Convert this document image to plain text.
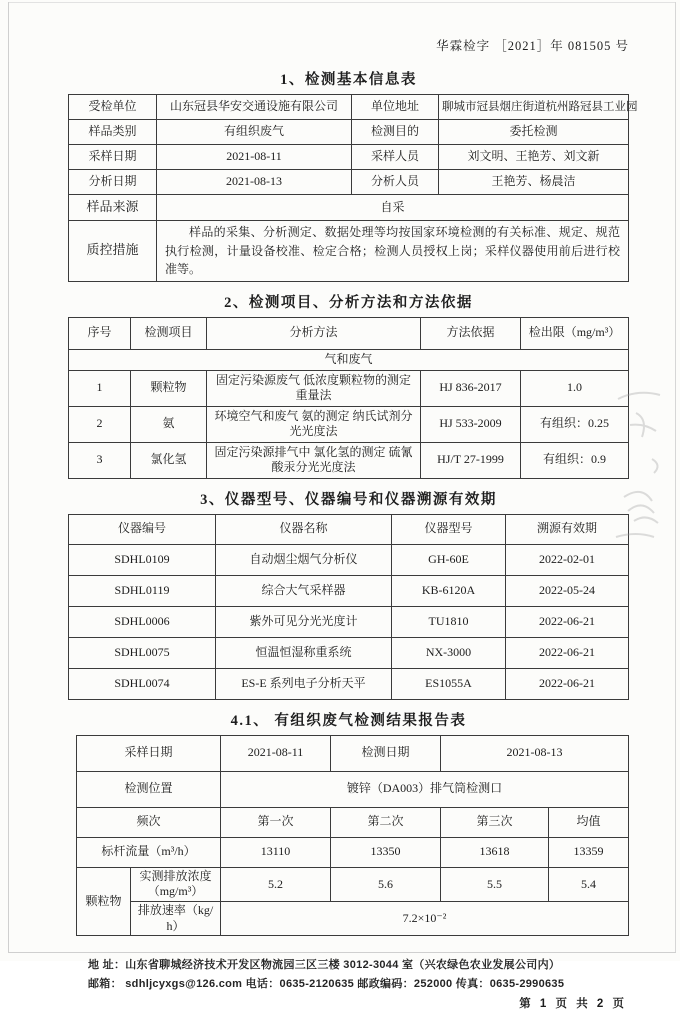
华霖检字 ［2021］年 081505 号
1、检测基本信息表
受检单位	山东冠县华安交通设施有限公司	单位地址	聊城市冠县烟庄街道杭州路冠县工业园
样品类别	有组织废气	检测目的	委托检测
采样日期	2021-08-11	采样人员	刘文明、王艳芳、刘文新
分析日期	2021-08-13	分析人员	王艳芳、杨晨洁
样品来源	自采		
质控措施	样品的采集、分析测定、数据处理等均按国家环境检测的有关标准、规定、规范执行检测，计量设备校准、检定合格；检测人员授权上岗；采样仪器使用前后进行校准等。		
2、检测项目、分析方法和方法依据
序号	检测项目	分析方法	方法依据	检出限（mg/m³）
气和废气				
1	颗粒物	固定污染源废气 低浓度颗粒物的测定 重量法	HJ 836-2017	1.0
2	氨	环境空气和废气 氨的测定 纳氏试剂分光光度法	HJ 533-2009	有组织：0.25
3	氯化氢	固定污染源排气中 氯化氢的测定 硫氰酸汞分光光度法	HJ/T 27-1999	有组织：0.9
3、仪器型号、仪器编号和仪器溯源有效期
仪器编号	仪器名称	仪器型号	溯源有效期
SDHL0109	自动烟尘烟气分析仪	GH-60E	2022-02-01
SDHL0119	综合大气采样器	KB-6120A	2022-05-24
SDHL0006	紫外可见分光光度计	TU1810	2022-06-21
SDHL0075	恒温恒湿称重系统	NX-3000	2022-06-21
SDHL0074	ES-E 系列电子分析天平	ES1055A	2022-06-21
4.1、 有组织废气检测结果报告表
采样日期		2021-08-11	检测日期	2021-08-13	
检测位置		镀锌（DA003）排气筒检测口			
频次		第一次	第二次	第三次	均值
标杆流量（m³/h）		13110	13350	13618	13359
颗粒物	实测排放浓度（mg/m³）	5.2	5.6	5.5	5.4
	排放速率（kg/h）	7.2×10⁻²			
地 址：山东省聊城经济技术开发区物流园三区三楼 3012-3044 室（兴农绿色农业发展公司内）
邮箱： sdhljcyxgs@126.com 电话：0635-2120635 邮政编码：252000 传真：0635-2990635
第 1 页 共 2 页
